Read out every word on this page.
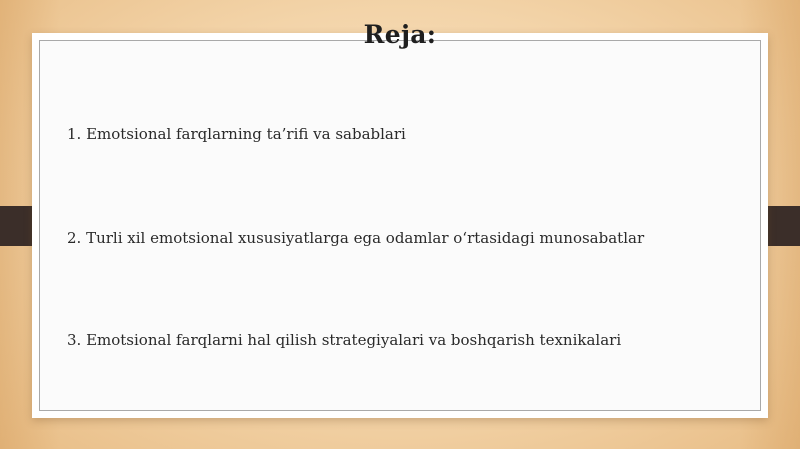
Reja:
1. Emotsional farqlarning ta’rifi va sabablari
2. Turli xil emotsional xususiyatlarga ega odamlar o‘rtasidagi munosabatlar
3. Emotsional farqlarni hal qilish strategiyalari va boshqarish texnikalari
